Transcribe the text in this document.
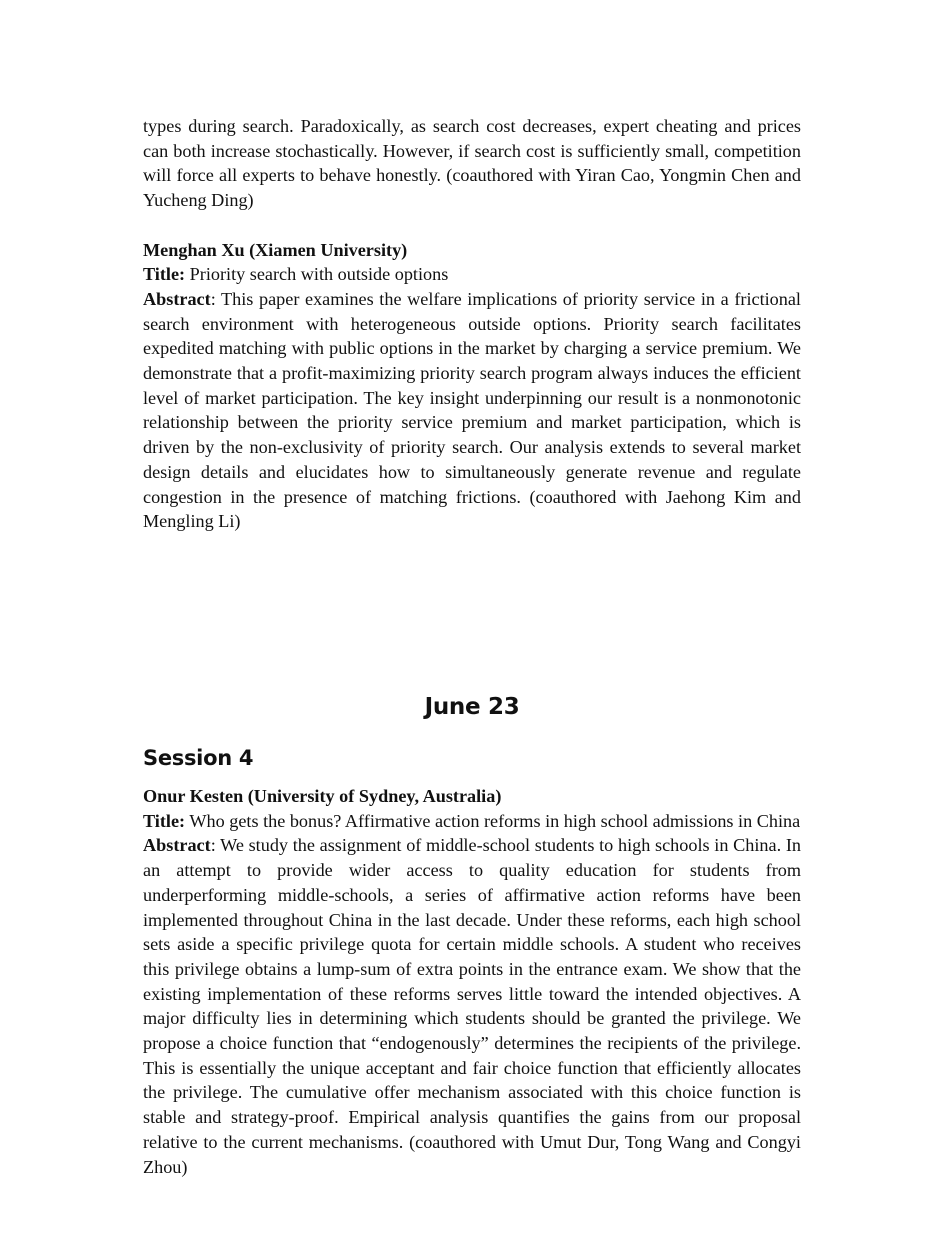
types during search. Paradoxically, as search cost decreases, expert cheating and prices can both increase stochastically. However, if search cost is sufficiently small, competition will force all experts to behave honestly. (coauthored with Yiran Cao, Yongmin Chen and Yucheng Ding)

Menghan Xu (Xiamen University)

Title: Priority search with outside options

Abstract: This paper examines the welfare implications of priority service in a frictional search environment with heterogeneous outside options. Priority search facilitates expedited matching with public options in the market by charging a service premium. We demonstrate that a profit-maximizing priority search program always induces the efficient level of market participation. The key insight underpinning our result is a nonmonotonic relationship between the priority service premium and market participation, which is driven by the non-exclusivity of priority search. Our analysis extends to several market design details and elucidates how to simultaneously generate revenue and regulate congestion in the presence of matching frictions. (coauthored with Jaehong Kim and Mengling Li)

June 23
Session 4

Onur Kesten (University of Sydney, Australia)

Title: Who gets the bonus? Affirmative action reforms in high school admissions in China

Abstract: We study the assignment of middle-school students to high schools in China. In an attempt to provide wider access to quality education for students from underperforming middle-schools, a series of affirmative action reforms have been implemented throughout China in the last decade. Under these reforms, each high school sets aside a specific privilege quota for certain middle schools. A student who receives this privilege obtains a lump-sum of extra points in the entrance exam. We show that the existing implementation of these reforms serves little toward the intended objectives. A major difficulty lies in determining which students should be granted the privilege. We propose a choice function that “endogenously” determines the recipients of the privilege. This is essentially the unique acceptant and fair choice function that efficiently allocates the privilege. The cumulative offer mechanism associated with this choice function is stable and strategy-proof. Empirical analysis quantifies the gains from our proposal relative to the current mechanisms. (coauthored with Umut Dur, Tong Wang and Congyi Zhou)
